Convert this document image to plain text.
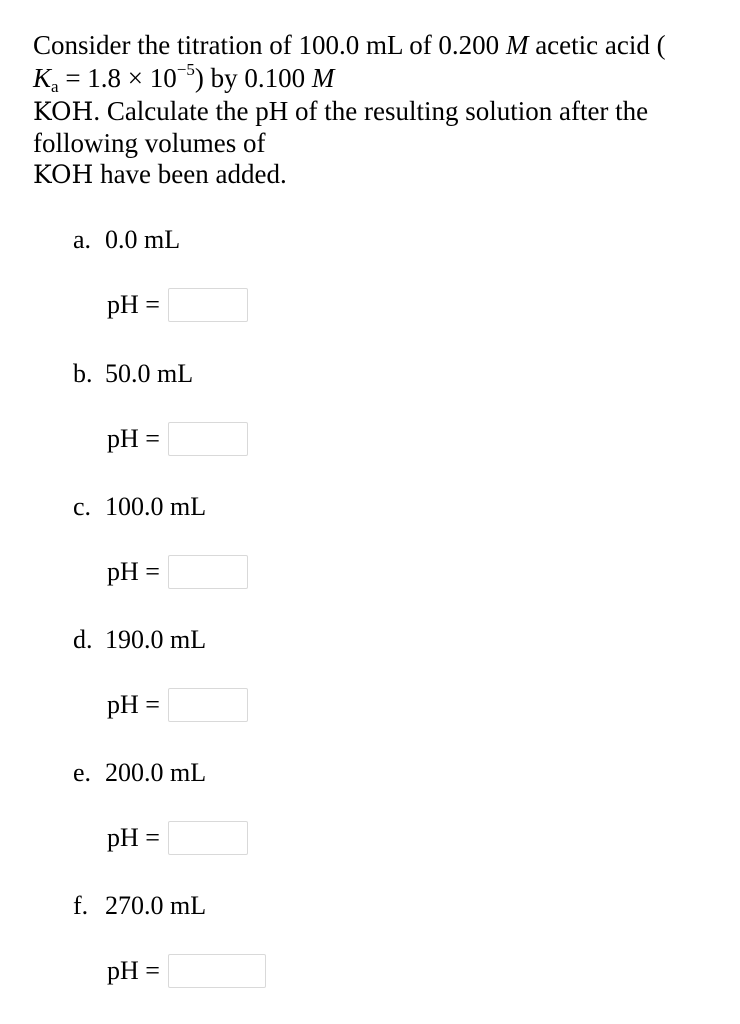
Consider the titration of 100.0 mL of 0.200 M acetic acid (
$K_a = 1.8 \times 10^{-5}$) by 0.100 M
KOH. Calculate the pH of the resulting solution after the
following volumes of
KOH have been added.
a. 0.0 mL
pH =
b. 50.0 mL
pH =
c. 100.0 mL
pH =
d. 190.0 mL
pH =
e. 200.0 mL
pH =
f. 270.0 mL
pH =
